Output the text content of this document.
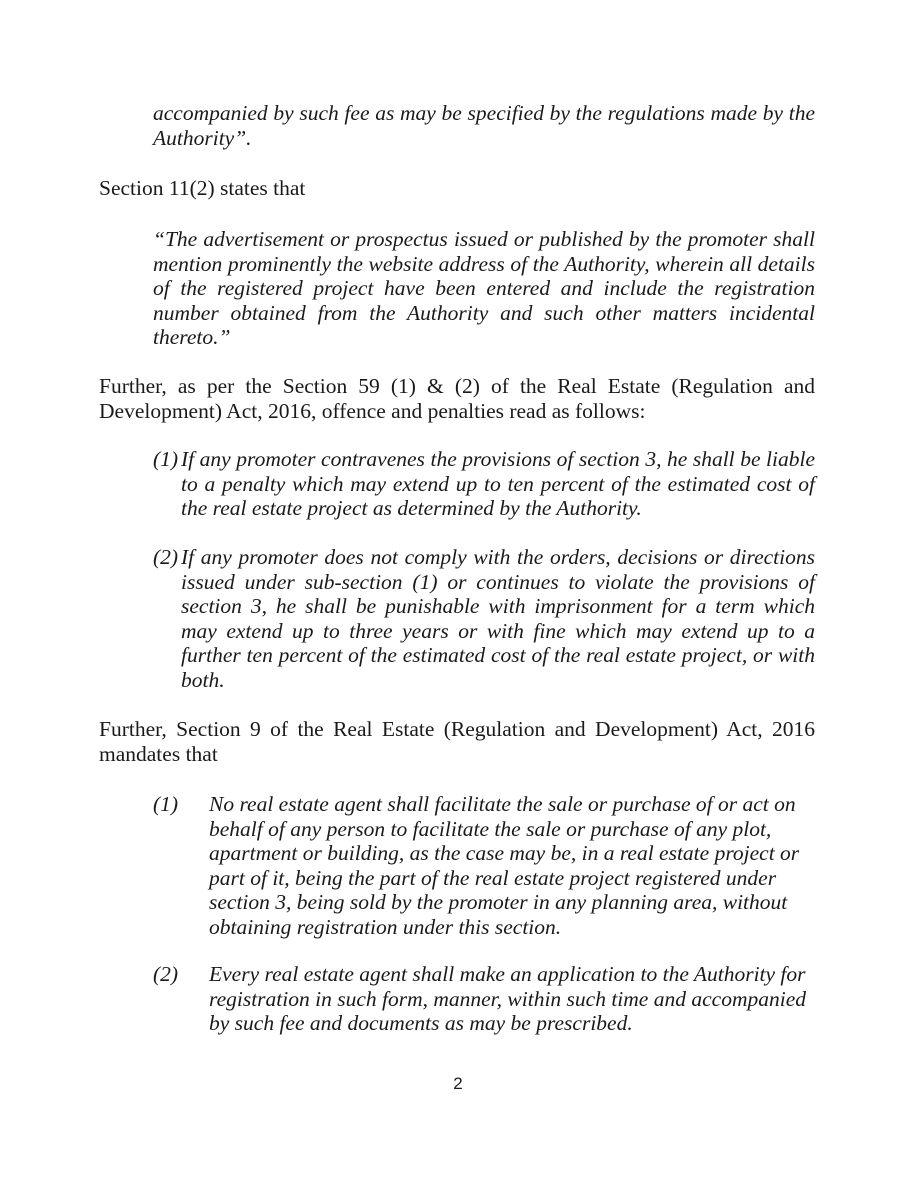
accompanied by such fee as may be specified by the regulations made by the Authority”.

Section 11(2) states that

“The advertisement or prospectus issued or published by the promoter shall mention prominently the website address of the Authority, wherein all details of the registered project have been entered and include the registration number obtained from the Authority and such other matters incidental thereto.”

Further, as per the Section 59 (1) & (2) of the Real Estate (Regulation and Development) Act, 2016, offence and penalties read as follows:

(1) If any promoter contravenes the provisions of section 3, he shall be liable to a penalty which may extend up to ten percent of the estimated cost of the real estate project as determined by the Authority.
(2) If any promoter does not comply with the orders, decisions or directions issued under sub-section (1) or continues to violate the provisions of section 3, he shall be punishable with imprisonment for a term which may extend up to three years or with fine which may extend up to a further ten percent of the estimated cost of the real estate project, or with both.

Further, Section 9 of the Real Estate (Regulation and Development) Act, 2016 mandates that

(1)	No real estate agent shall facilitate the sale or purchase of or act on behalf of any person to facilitate the sale or purchase of any plot, apartment or building, as the case may be, in a real estate project or part of it, being the part of the real estate project registered under section 3, being sold by the promoter in any planning area, without obtaining registration under this section.
(2)	Every real estate agent shall make an application to the Authority for registration in such form, manner, within such time and accompanied by such fee and documents as may be prescribed.
2
